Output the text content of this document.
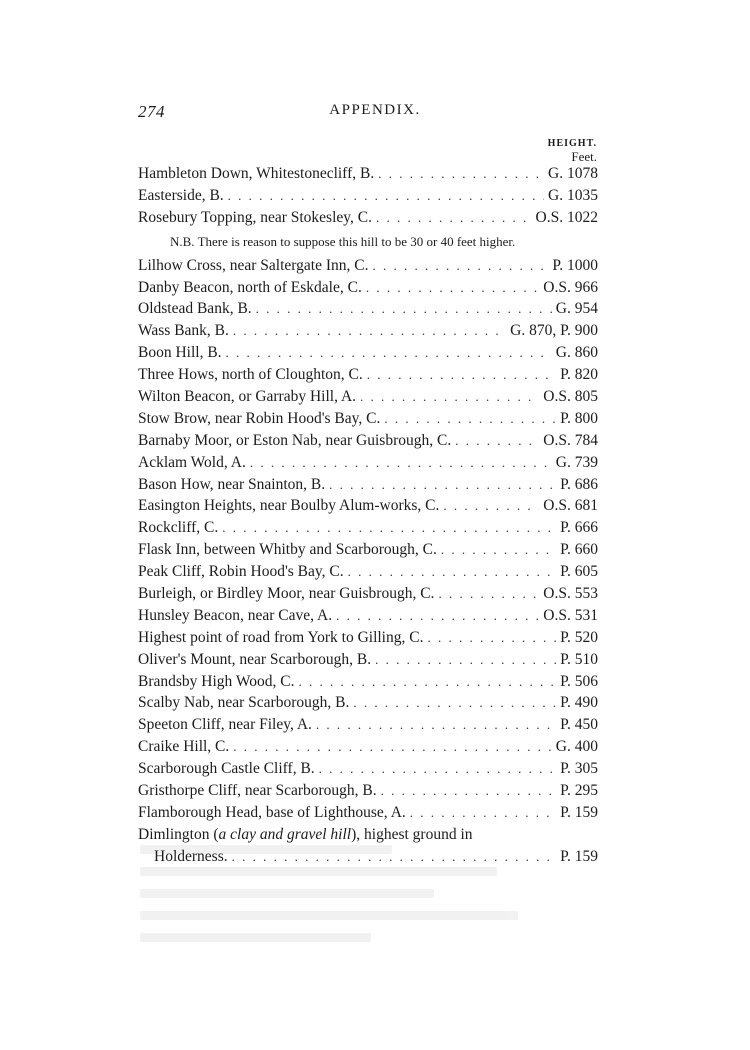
274	APPENDIX.
HEIGHT.
Feet.
Hambleton Down, Whitestonecliff, B. . . .	G. 1078
Easterside, B. . . .	G. 1035
Rosebury Topping, near Stokesley, C. . . .	O.S. 1022
N.B. There is reason to suppose this hill to be 30 or 40 feet higher.
Lilhow Cross, near Saltergate Inn, C. . . .	P. 1000
Danby Beacon, north of Eskdale, C. . . .	O.S. 966
Oldstead Bank, B. . . .	G. 954
Wass Bank, B. . . .	G. 870, P. 900
Boon Hill, B. . . .	G. 860
Three Hows, north of Cloughton, C. . . .	P. 820
Wilton Beacon, or Garraby Hill, A. . . .	O.S. 805
Stow Brow, near Robin Hood's Bay, C. . . .	P. 800
Barnaby Moor, or Eston Nab, near Guisbrough, C. . . .	O.S. 784
Acklam Wold, A. . . .	G. 739
Bason How, near Snainton, B. . . .	P. 686
Easington Heights, near Boulby Alum-works, C. . . .	O.S. 681
Rockcliff, C. . . .	P. 666
Flask Inn, between Whitby and Scarborough, C. . . .	P. 660
Peak Cliff, Robin Hood's Bay, C. . . .	P. 605
Burleigh, or Birdley Moor, near Guisbrough, C. . . .	O.S. 553
Hunsley Beacon, near Cave, A. . . .	O.S. 531
Highest point of road from York to Gilling, C. . . .	P. 520
Oliver's Mount, near Scarborough, B. . . .	P. 510
Brandsby High Wood, C. . . .	P. 506
Scalby Nab, near Scarborough, B. . . .	P. 490
Speeton Cliff, near Filey, A. . . .	P. 450
Craike Hill, C. . . .	G. 400
Scarborough Castle Cliff, B. . . .	P. 305
Gristhorpe Cliff, near Scarborough, B. . . .	P. 295
Flamborough Head, base of Lighthouse, A. . . .	P. 159
Dimlington (a clay and gravel hill), highest ground in
Holderness. . . .	P. 159
